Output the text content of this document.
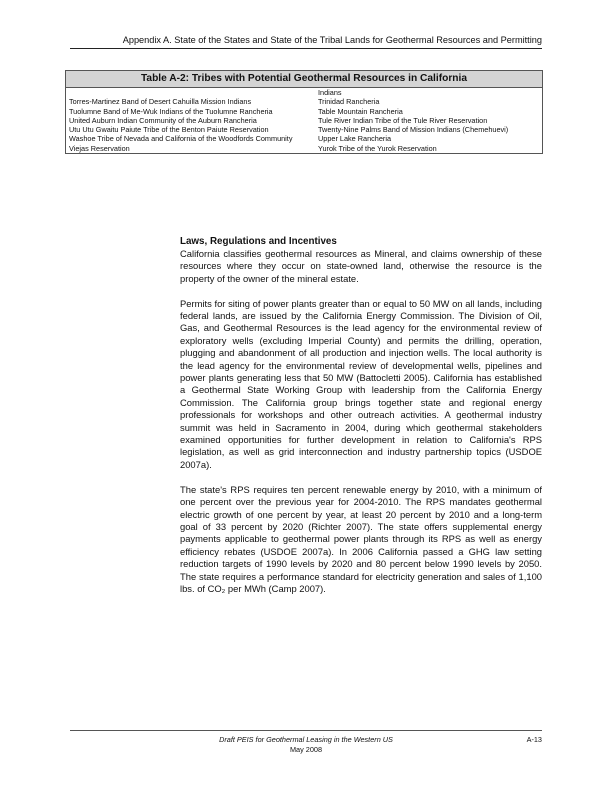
Appendix A. State of the States and State of the Tribal Lands for Geothermal Resources and Permitting
Table A-2: Tribes with Potential Geothermal Resources in California	
	Indians
Torres-Martinez Band of Desert Cahuilla Mission Indians	Trinidad Rancheria
Tuolumne Band of Me-Wuk Indians of the Tuolumne Rancheria	Table Mountain Rancheria
United Auburn Indian Community of the Auburn Rancheria	Tule River Indian Tribe of the Tule River Reservation
Utu Utu Gwaitu Paiute Tribe of the Benton Paiute Reservation	Twenty-Nine Palms Band of Mission Indians (Chemehuevi)
Washoe Tribe of Nevada and California of the Woodfords Community	Upper Lake Rancheria
Viejas Reservation	Yurok Tribe of the Yurok Reservation
Laws, Regulations and Incentives

California classifies geothermal resources as Mineral, and claims ownership of these resources where they occur on state-owned land, otherwise the resource is the property of the owner of the mineral estate.

Permits for siting of power plants greater than or equal to 50 MW on all lands, including federal lands, are issued by the California Energy Commission. The Division of Oil, Gas, and Geothermal Resources is the lead agency for the environmental review of exploratory wells (excluding Imperial County) and permits the drilling, operation, plugging and abandonment of all production and injection wells. The local authority is the lead agency for the environmental review of developmental wells, pipelines and power plants generating less that 50 MW (Battocletti 2005). California has established a Geothermal State Working Group with leadership from the California Energy Commission. The California group brings together state and regional energy professionals for workshops and other outreach activities. A geothermal industry summit was held in Sacramento in 2004, during which geothermal stakeholders examined opportunities for further development in relation to California's RPS legislation, as well as grid interconnection and industry partnership topics (USDOE 2007a).

The state's RPS requires ten percent renewable energy by 2010, with a minimum of one percent over the previous year for 2004-2010. The RPS mandates geothermal electric growth of one percent by year, at least 20 percent by 2010 and a long-term goal of 33 percent by 2020 (Richter 2007). The state offers supplemental energy payments applicable to geothermal power plants through its RPS as well as energy efficiency rebates (USDOE 2007a). In 2006 California passed a GHG law setting reduction targets of 1990 levels by 2020 and 80 percent below 1990 levels by 2050. The state requires a performance standard for electricity generation and sales of 1,100 lbs. of CO₂ per MWh (Camp 2007).

Draft PEIS for Geothermal Leasing in the Western US	A-13
May 2008
